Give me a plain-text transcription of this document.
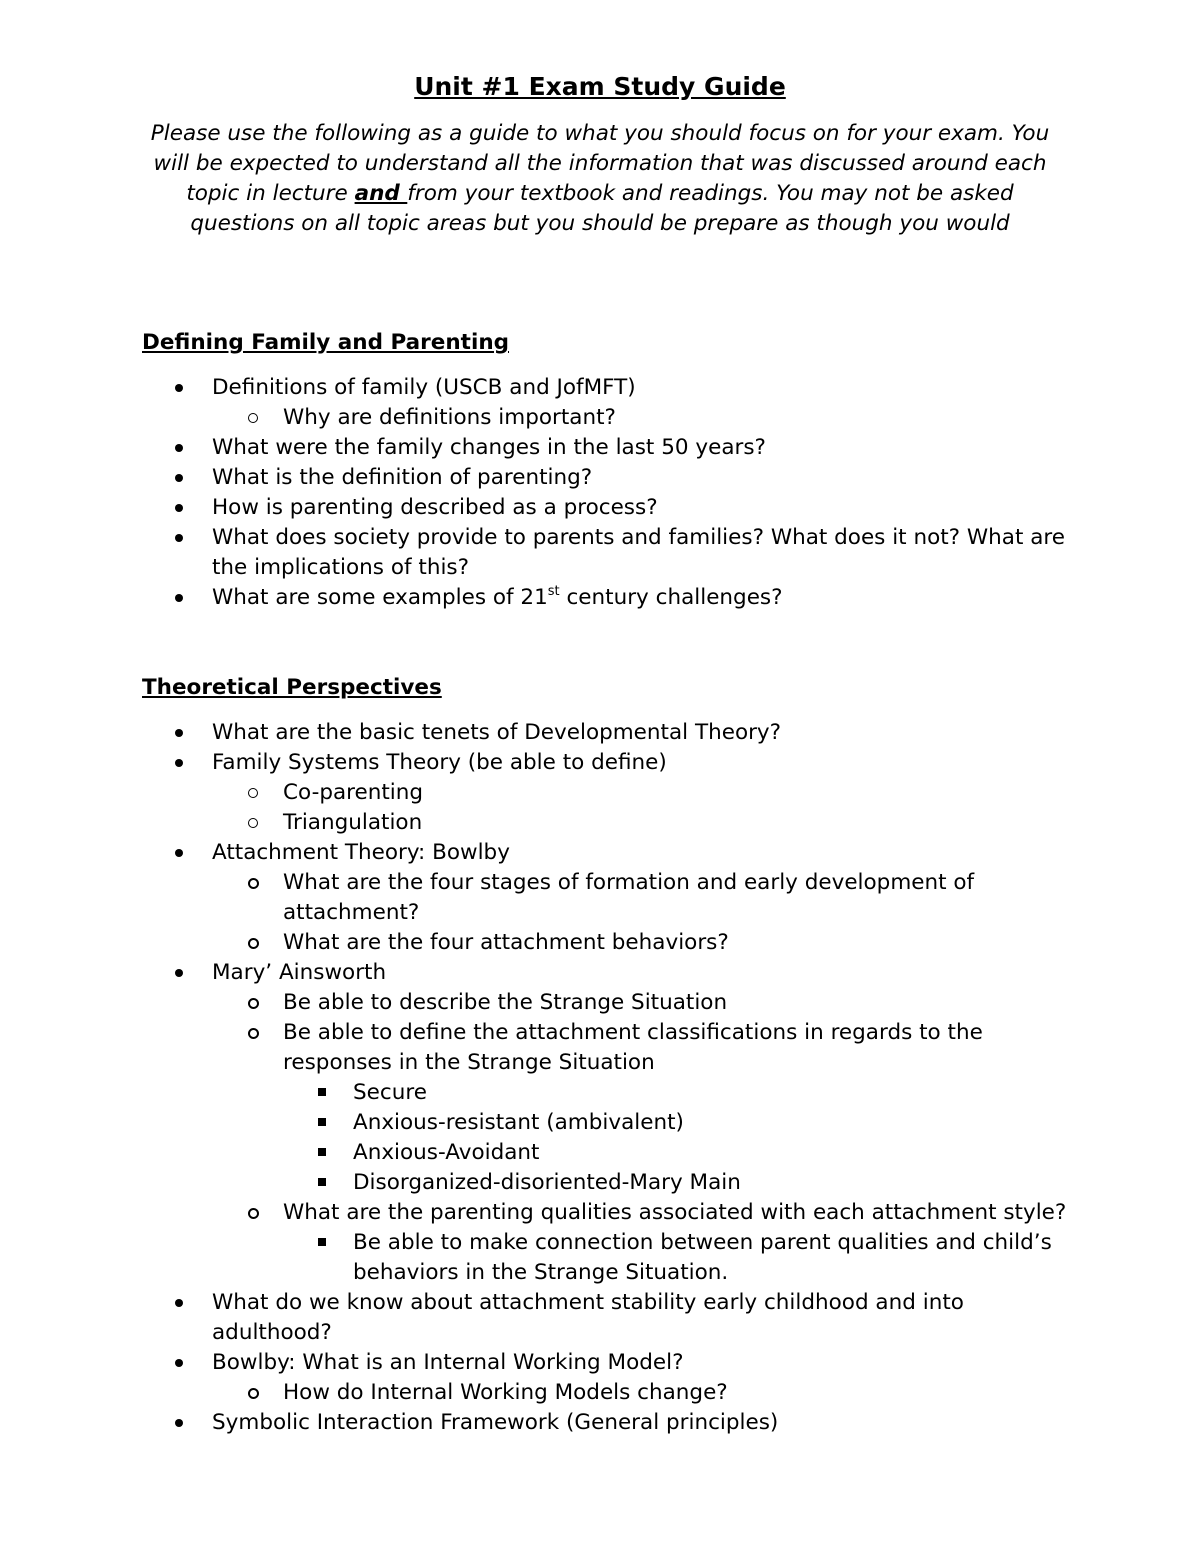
Unit #1 Exam Study Guide

Please use the following as a guide to what you should focus on for your exam. You will be expected to understand all the information that was discussed around each topic in lecture and from your textbook and readings. You may not be asked questions on all topic areas but you should be prepare as though you would

Defining Family and Parenting
Definitions of family (USCB and JofMFT)
Why are definitions important?
What were the family changes in the last 50 years?
What is the definition of parenting?
How is parenting described as a process?
What does society provide to parents and families? What does it not? What are the implications of this?
What are some examples of 21st century challenges?
Theoretical Perspectives
What are the basic tenets of Developmental Theory?
Family Systems Theory (be able to define)
Co-parenting
Triangulation
Attachment Theory: Bowlby
What are the four stages of formation and early development of attachment?
What are the four attachment behaviors?
Mary’ Ainsworth
Be able to describe the Strange Situation
Be able to define the attachment classifications in regards to the responses in the Strange Situation
Secure
Anxious-resistant (ambivalent)
Anxious-Avoidant
Disorganized-disoriented-Mary Main
What are the parenting qualities associated with each attachment style?
Be able to make connection between parent qualities and child’s behaviors in the Strange Situation.
What do we know about attachment stability early childhood and into adulthood?
Bowlby: What is an Internal Working Model?
How do Internal Working Models change?
Symbolic Interaction Framework (General principles)
